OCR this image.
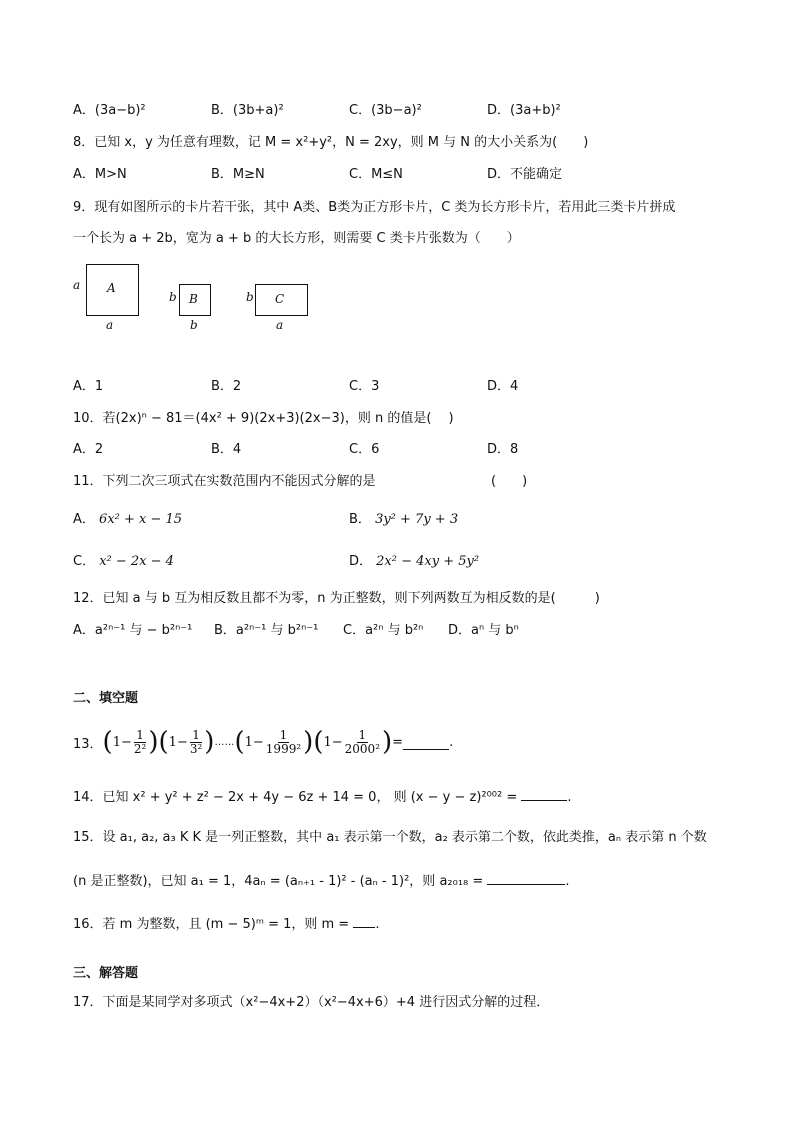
A．(3a−b)²	B．(3b+a)²	C．(3b−a)²	D．(3a+b)²
8．已知 x，y 为任意有理数，记 M = x²+y²，N = 2xy，则 M 与 N 的大小关系为(　　)
A．M>N	B．M≥N	C．M≤N	D．不能确定
9．现有如图所示的卡片若干张，其中 A类、B类为正方形卡片，C 类为长方形卡片，若用此三类卡片拼成
一个长为 a + 2b，宽为 a + b 的大长方形，则需要 C 类卡片张数为（　　）
a A
a
b B
b
b C
a
A．1	B．2	C．3	D．4
10．若(2x)ⁿ − 81＝(4x² + 9)(2x+3)(2x−3)，则 n 的值是(　 )
A．2	B．4	C．6	D．8
11．下列二次三项式在实数范围内不能因式分解的是	(　　)
A． 6x² + x − 15	B． 3y² + 7y + 3
C． x² − 2x − 4	D． 2x² − 4xy + 5y²
12．已知 a 与 b 互为相反数且都不为零，n 为正整数，则下列两数互为相反数的是(　　　)
A．a²ⁿ⁻¹ 与 − b²ⁿ⁻¹ B．a²ⁿ⁻¹ 与 b²ⁿ⁻¹ C．a²ⁿ 与 b²ⁿ D．aⁿ 与 bⁿ
二、填空题
13． ( $1 - \frac{1}{\text{2²}}$ ) ( $1 - \frac{1}{\text{3²}}$ ) …… ( $1 - \frac{1}{\text{1999²}}$ ) ( $1 - \frac{1}{\text{2000²}}$ ) =	.
14．已知 x² + y² + z² − 2x + 4y − 6z + 14 = 0， 则 (x − y − z)²⁰⁰² =	.
15．设 a₁, a₂, a₃ K K 是一列正整数，其中 a₁ 表示第一个数，a₂ 表示第二个数，依此类推，aₙ 表示第 n 个数
(n 是正整数)，已知 a₁ = 1，4aₙ = (aₙ₊₁ - 1)² - (aₙ - 1)²，则 a₂₀₁₈ =	.
16．若 m 为整数，且 (m − 5)ᵐ = 1，则 m = .
三、解答题
17．下面是某同学对多项式（x²−4x+2）（x²−4x+6）+4 进行因式分解的过程．
